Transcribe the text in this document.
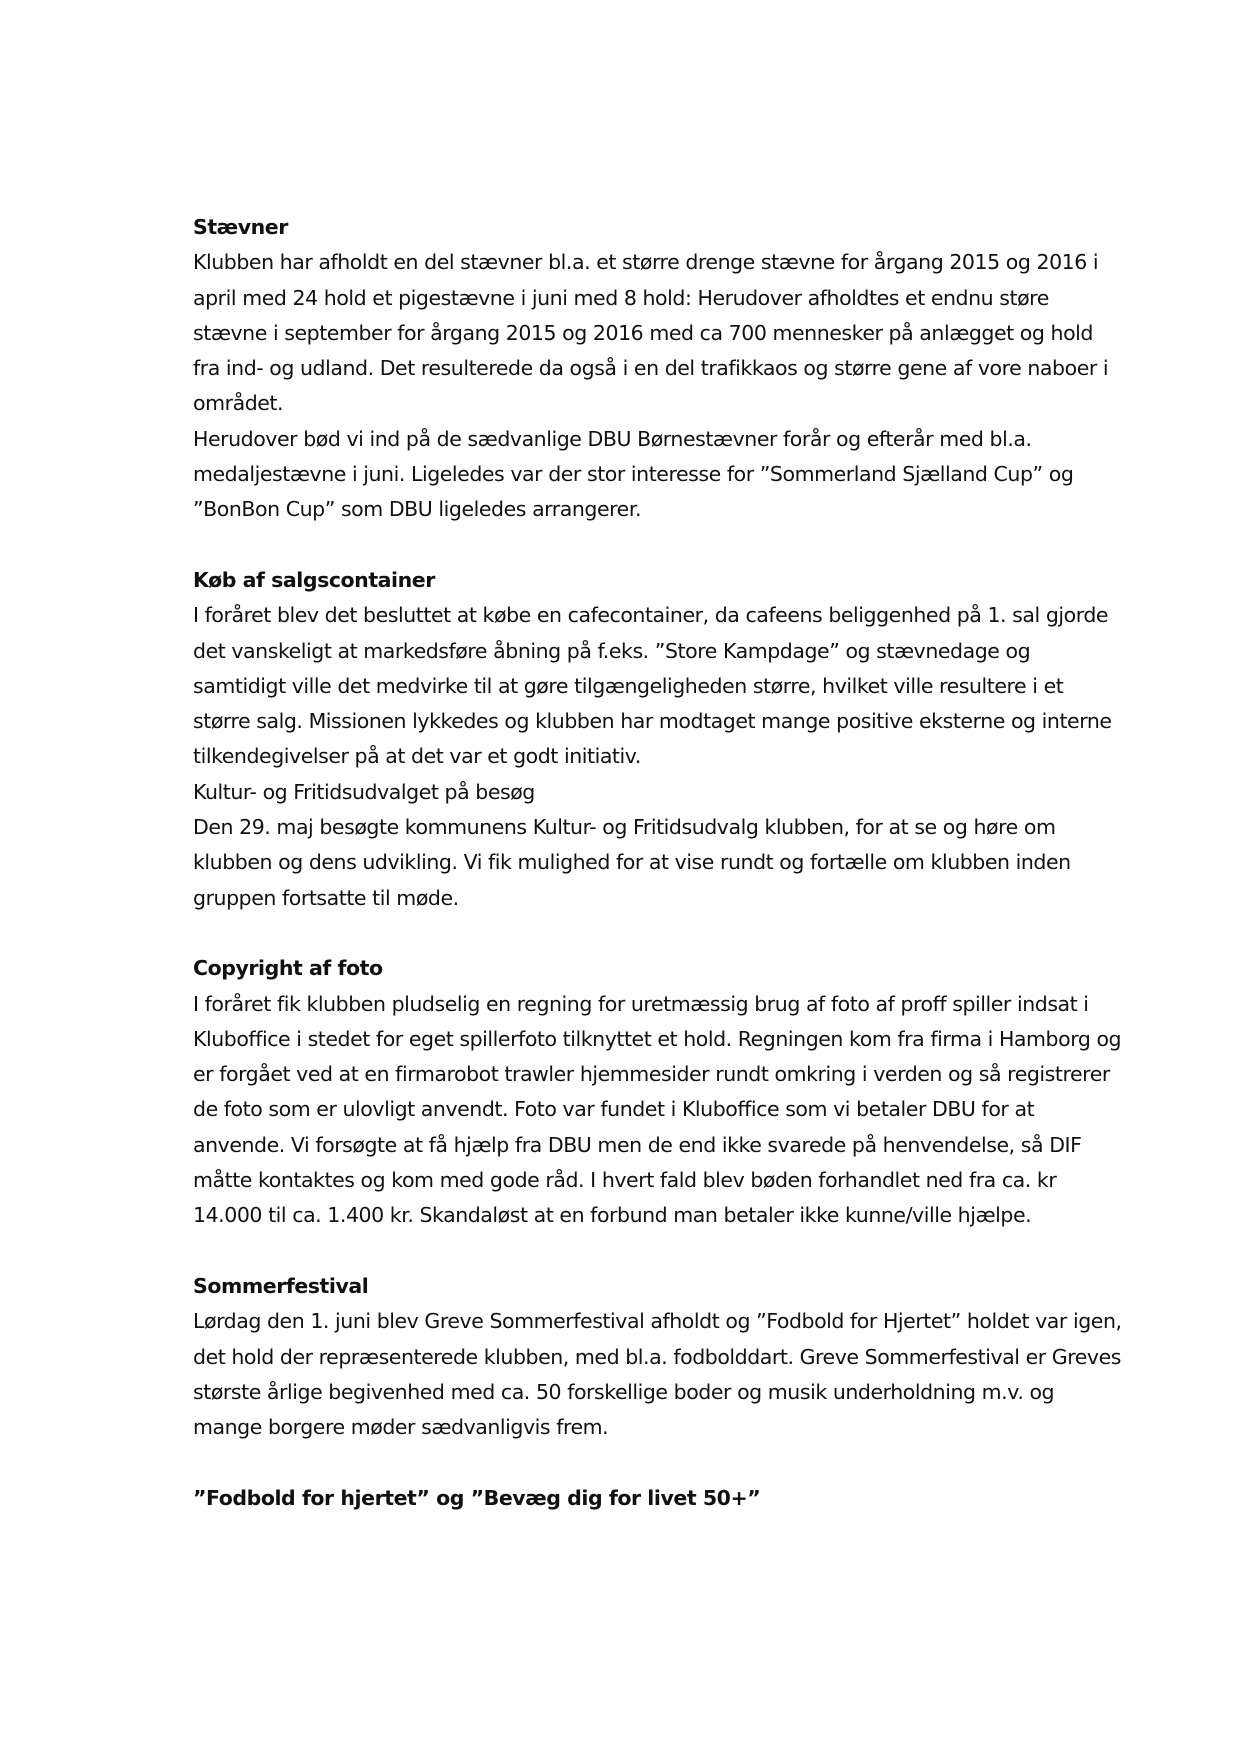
Stævner

Klubben har afholdt en del stævner bl.a. et større drenge stævne for årgang 2015 og 2016 i april med 24 hold et pigestævne i juni med 8 hold: Herudover afholdtes et endnu støre stævne i september for årgang 2015 og 2016 med ca 700 mennesker på anlægget og hold fra ind- og udland. Det resulterede da også i en del trafikkaos og større gene af vore naboer i området.

Herudover bød vi ind på de sædvanlige DBU Børnestævner forår og efterår med bl.a. medaljestævne i juni. Ligeledes var der stor interesse for ”Sommerland Sjælland Cup” og ”BonBon Cup” som DBU ligeledes arrangerer.

Køb af salgscontainer

I foråret blev det besluttet at købe en cafecontainer, da cafeens beliggenhed på 1. sal gjorde det vanskeligt at markedsføre åbning på f.eks. ”Store Kampdage” og stævnedage og samtidigt ville det medvirke til at gøre tilgængeligheden større, hvilket ville resultere i et større salg. Missionen lykkedes og klubben har modtaget mange positive eksterne og interne tilkendegivelser på at det var et godt initiativ.

Kultur- og Fritidsudvalget på besøg

Den 29. maj besøgte kommunens Kultur- og Fritidsudvalg klubben, for at se og høre om klubben og dens udvikling. Vi fik mulighed for at vise rundt og fortælle om klubben inden gruppen fortsatte til møde.

Copyright af foto

I foråret fik klubben pludselig en regning for uretmæssig brug af foto af proff spiller indsat i Kluboffice i stedet for eget spillerfoto tilknyttet et hold. Regningen kom fra firma i Hamborg og er forgået ved at en firmarobot trawler hjemmesider rundt omkring i verden og så registrerer de foto som er ulovligt anvendt. Foto var fundet i Kluboffice som vi betaler DBU for at anvende. Vi forsøgte at få hjælp fra DBU men de end ikke svarede på henvendelse, så DIF måtte kontaktes og kom med gode råd. I hvert fald blev bøden forhandlet ned fra ca. kr 14.000 til ca. 1.400 kr. Skandaløst at en forbund man betaler ikke kunne/ville hjælpe.

Sommerfestival

Lørdag den 1. juni blev Greve Sommerfestival afholdt og ”Fodbold for Hjertet” holdet var igen, det hold der repræsenterede klubben, med bl.a. fodbolddart. Greve Sommerfestival er Greves største årlige begivenhed med ca. 50 forskellige boder og musik underholdning m.v. og mange borgere møder sædvanligvis frem.

”Fodbold for hjertet” og ”Bevæg dig for livet 50+”
